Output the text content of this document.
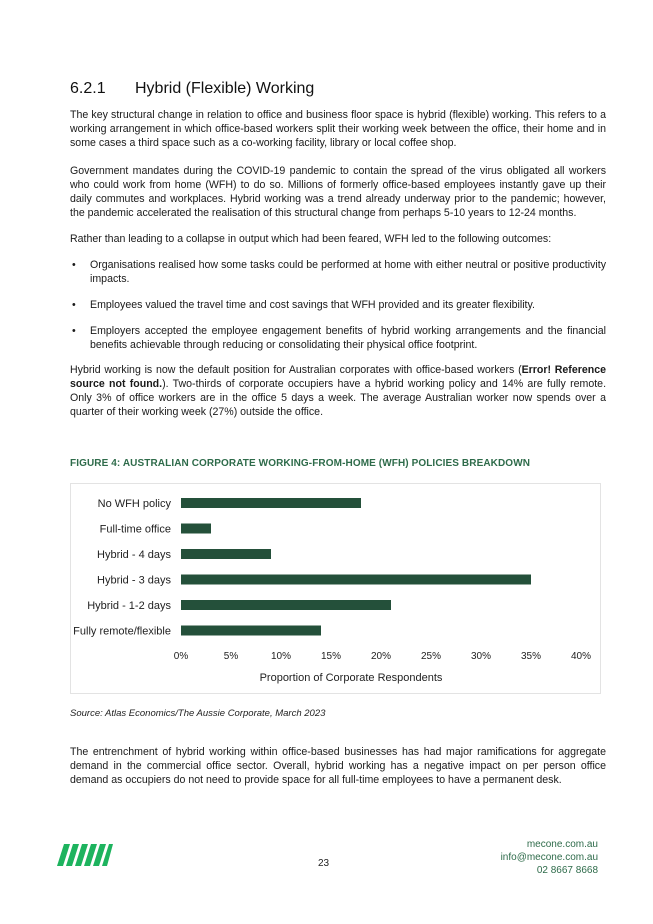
6.2.1 Hybrid (Flexible) Working

The key structural change in relation to office and business floor space is hybrid (flexible) working. This refers to a working arrangement in which office-based workers split their working week between the office, their home and in some cases a third space such as a co-working facility, library or local coffee shop.

Government mandates during the COVID-19 pandemic to contain the spread of the virus obligated all workers who could work from home (WFH) to do so. Millions of formerly office-based employees instantly gave up their daily commutes and workplaces. Hybrid working was a trend already underway prior to the pandemic; however, the pandemic accelerated the realisation of this structural change from perhaps 5-10 years to 12-24 months.

Rather than leading to a collapse in output which had been feared, WFH led to the following outcomes:

• Organisations realised how some tasks could be performed at home with either neutral or positive productivity impacts.
• Employees valued the travel time and cost savings that WFH provided and its greater flexibility.
• Employers accepted the employee engagement benefits of hybrid working arrangements and the financial benefits achievable through reducing or consolidating their physical office footprint.

Hybrid working is now the default position for Australian corporates with office-based workers (Error! Reference source not found.). Two-thirds of corporate occupiers have a hybrid working policy and 14% are fully remote. Only 3% of office workers are in the office 5 days a week. The average Australian worker now spends over a quarter of their working week (27%) outside the office.

FIGURE 4: AUSTRALIAN CORPORATE WORKING-FROM-HOME (WFH) POLICIES BREAKDOWN
No WFH policy
Full-time office
Hybrid - 4 days
Hybrid - 3 days
Hybrid - 1-2 days
Fully remote/flexible
0%	5%	10%	15%	20%	25%	30%	35%	40%
Proportion of Corporate Respondents
Source: Atlas Economics/The Aussie Corporate, March 2023

The entrenchment of hybrid working within office-based businesses has had major ramifications for aggregate demand in the commercial office sector. Overall, hybrid working has a negative impact on per person office demand as occupiers do not need to provide space for all full-time employees to have a permanent desk.

23
mecone.com.au
info@mecone.com.au
02 8667 8668
